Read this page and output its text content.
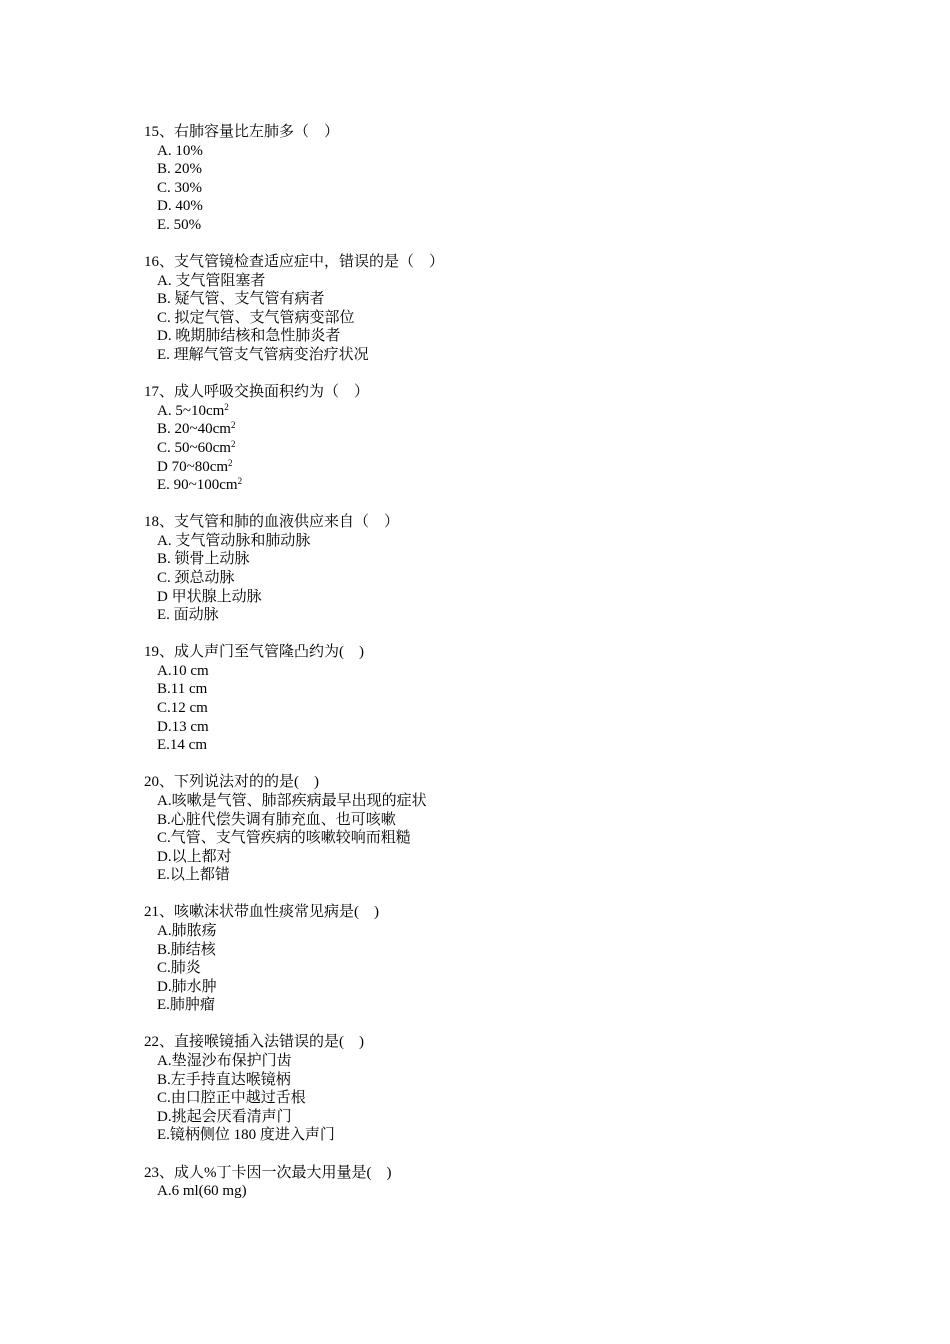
15、右肺容量比左肺多（　）
A. 10%
B. 20%
C. 30%
D. 40%
E. 50%
16、支气管镜检查适应症中，错误的是（　）
A. 支气管阻塞者
B. 疑气管、支气管有病者
C. 拟定气管、支气管病变部位
D. 晚期肺结核和急性肺炎者
E. 理解气管支气管病变治疗状况
17、成人呼吸交换面积约为（　）
A. $5\sim 10cm^2$
B. $20\sim 40cm^2$
C. $50\sim 60cm^2$
D $70\sim 80cm^2$
E. $90\sim 100cm^2$
18、支气管和肺的血液供应来自（　）
A. 支气管动脉和肺动脉
B. 锁骨上动脉
C. 颈总动脉
D 甲状腺上动脉
E. 面动脉
19、成人声门至气管隆凸约为(　)
A.10 cm
B.11 cm
C.12 cm
D.13 cm
E.14 cm
20、下列说法对的的是(　)
A.咳嗽是气管、肺部疾病最早出现的症状
B.心脏代偿失调有肺充血、也可咳嗽
C.气管、支气管疾病的咳嗽较响而粗糙
D.以上都对
E.以上都错
21、咳嗽沫状带血性痰常见病是(　)
A.肺脓疡
B.肺结核
C.肺炎
D.肺水肿
E.肺肿瘤
22、直接喉镜插入法错误的是(　)
A.垫湿沙布保护门齿
B.左手持直达喉镜柄
C.由口腔正中越过舌根
D.挑起会厌看清声门
E.镜柄侧位 180 度进入声门
23、成人%丁卡因一次最大用量是(　)
A.6 ml(60 mg)
